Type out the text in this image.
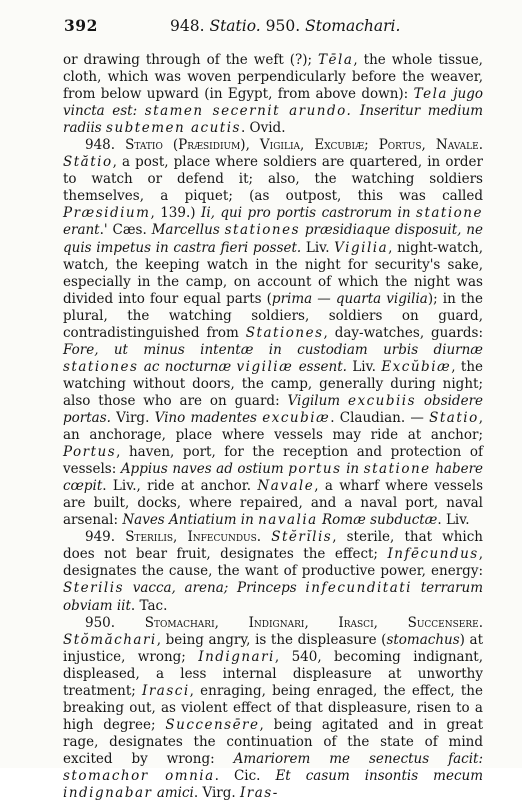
392	948. Statio. 950. Stomachari.

or drawing through of the weft (?); Tēla, the whole tissue, cloth, which was woven perpendicularly before the weaver, from below upward (in Egypt, from above down): Tela jugo vincta est: stamen secernit arundo. Inseritur medium radiis subtemen acutis. Ovid.

948. Statio (Præsidium), Vigilia, Excubiæ; Portus, Navale. Stătio, a post, place where soldiers are quartered, in order to watch or defend it; also, the watching soldiers themselves, a piquet; (as outpost, this was called Præsidium, 139.) Ii, qui pro portis castrorum in statione erant.' Cæs. Marcellus stationes præsidiaque disposuit, ne quis impetus in castra fieri posset. Liv. Vigilia, night-watch, watch, the keeping watch in the night for security's sake, especially in the camp, on account of which the night was divided into four equal parts (prima — quarta vigilia); in the plural, the watching soldiers, soldiers on guard, contradistinguished from Stationes, day-watches, guards: Fore, ut minus intentæ in custodiam urbis diurnæ stationes ac nocturnæ vigiliæ essent. Liv. Excŭbiæ, the watching without doors, the camp, generally during night; also those who are on guard: Vigilum excubiis obsidere portas. Virg. Vino madentes excubiæ. Claudian. — Statio, an anchorage, place where vessels may ride at anchor; Portus, haven, port, for the reception and protection of vessels: Appius naves ad ostium portus in statione habere cœpit. Liv., ride at anchor. Navale, a wharf where vessels are built, docks, where repaired, and a naval port, naval arsenal: Naves Antiatium in navalia Romæ subductæ. Liv.

949. Sterilis, Infecundus. Stĕrĭlis, sterile, that which does not bear fruit, designates the effect; Infēcundus, designates the cause, the want of productive power, energy: Sterilis vacca, arena; Princeps infecunditati terrarum obviam iit. Tac.

950. Stomachari, Indignari, Irasci, Succensere. Stŏmăchari, being angry, is the displeasure (stomachus) at injustice, wrong; Indignari, 540, becoming indignant, displeased, a less internal displeasure at unworthy treatment; Irasci, enraging, being enraged, the effect, the breaking out, as violent effect of that displeasure, risen to a high degree; Succensēre, being agitated and in great rage, designates the continuation of the state of mind excited by wrong: Amariorem me senectus facit: stomachor omnia. Cic. Et casum insontis mecum indignabar amici. Virg. Iras-
